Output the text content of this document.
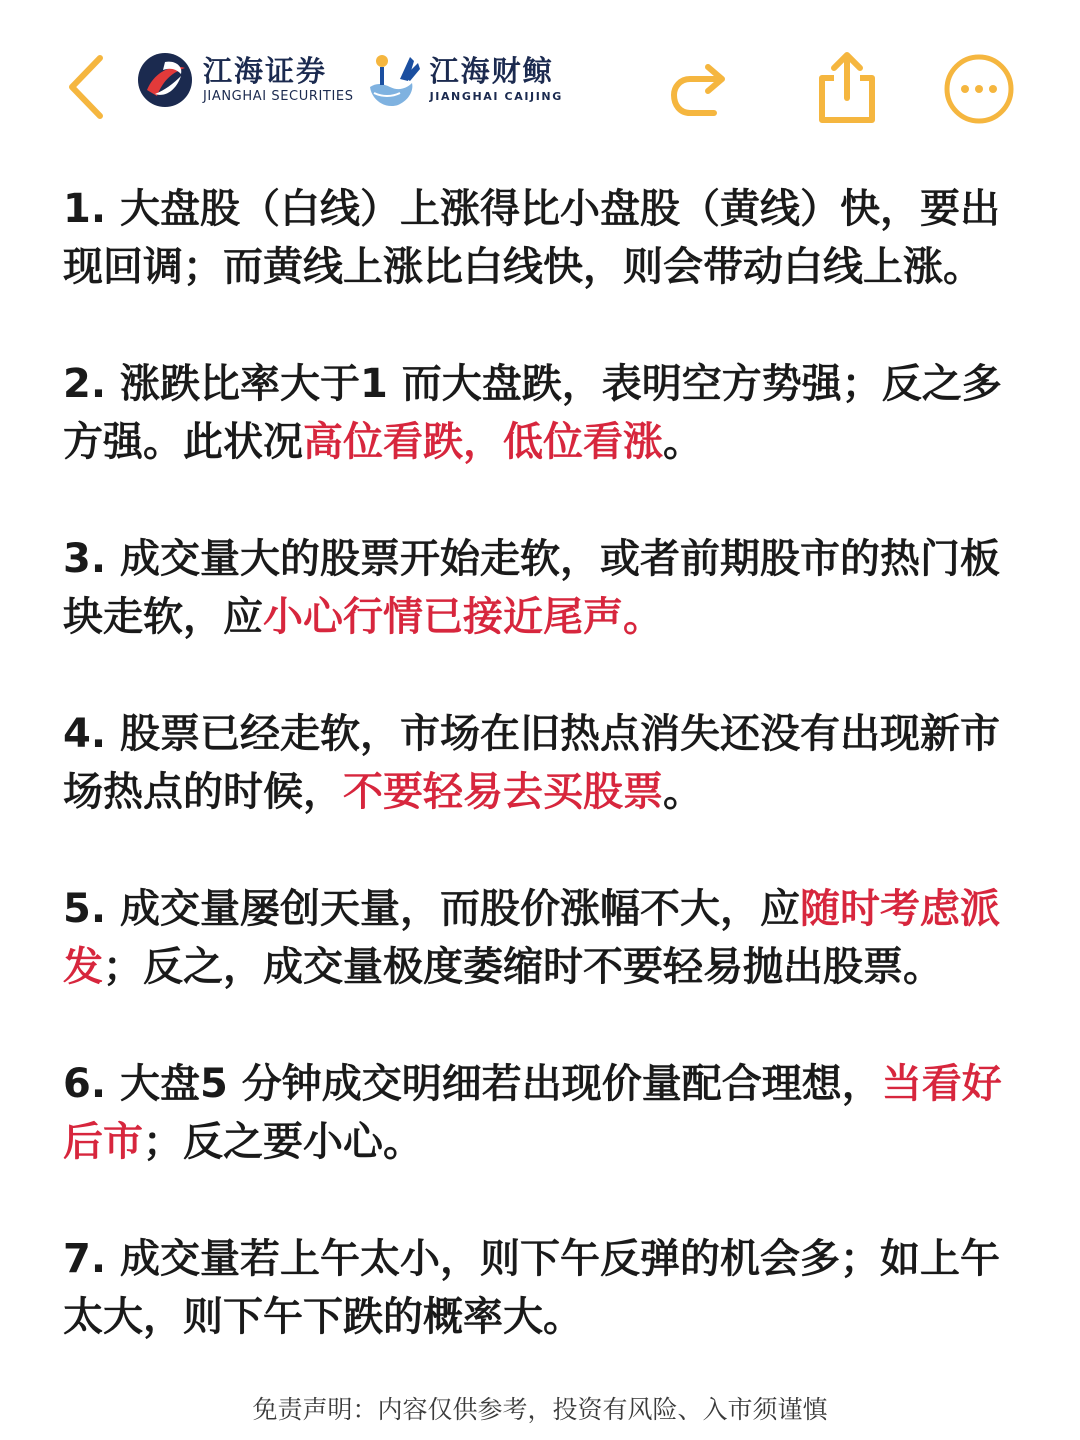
江海证券
JIANGHAI SECURITIES
江海财鲸
JIANGHAI CAIJING

1. 大盘股（白线）上涨得比小盘股（黄线）快，要出现回调；而黄线上涨比白线快，则会带动白线上涨。

2. 涨跌比率大于1 而大盘跌，表明空方势强；反之多方强。此状况高位看跌，低位看涨。

3. 成交量大的股票开始走软，或者前期股市的热门板块走软，应小心行情已接近尾声。

4. 股票已经走软，市场在旧热点消失还没有出现新市场热点的时候，不要轻易去买股票。

5. 成交量屡创天量，而股价涨幅不大，应随时考虑派发；反之，成交量极度萎缩时不要轻易抛出股票。

6. 大盘5 分钟成交明细若出现价量配合理想，当看好后市；反之要小心。

7. 成交量若上午太小，则下午反弹的机会多；如上午太大，则下午下跌的概率大。

免责声明：内容仅供参考，投资有风险、入市须谨慎
